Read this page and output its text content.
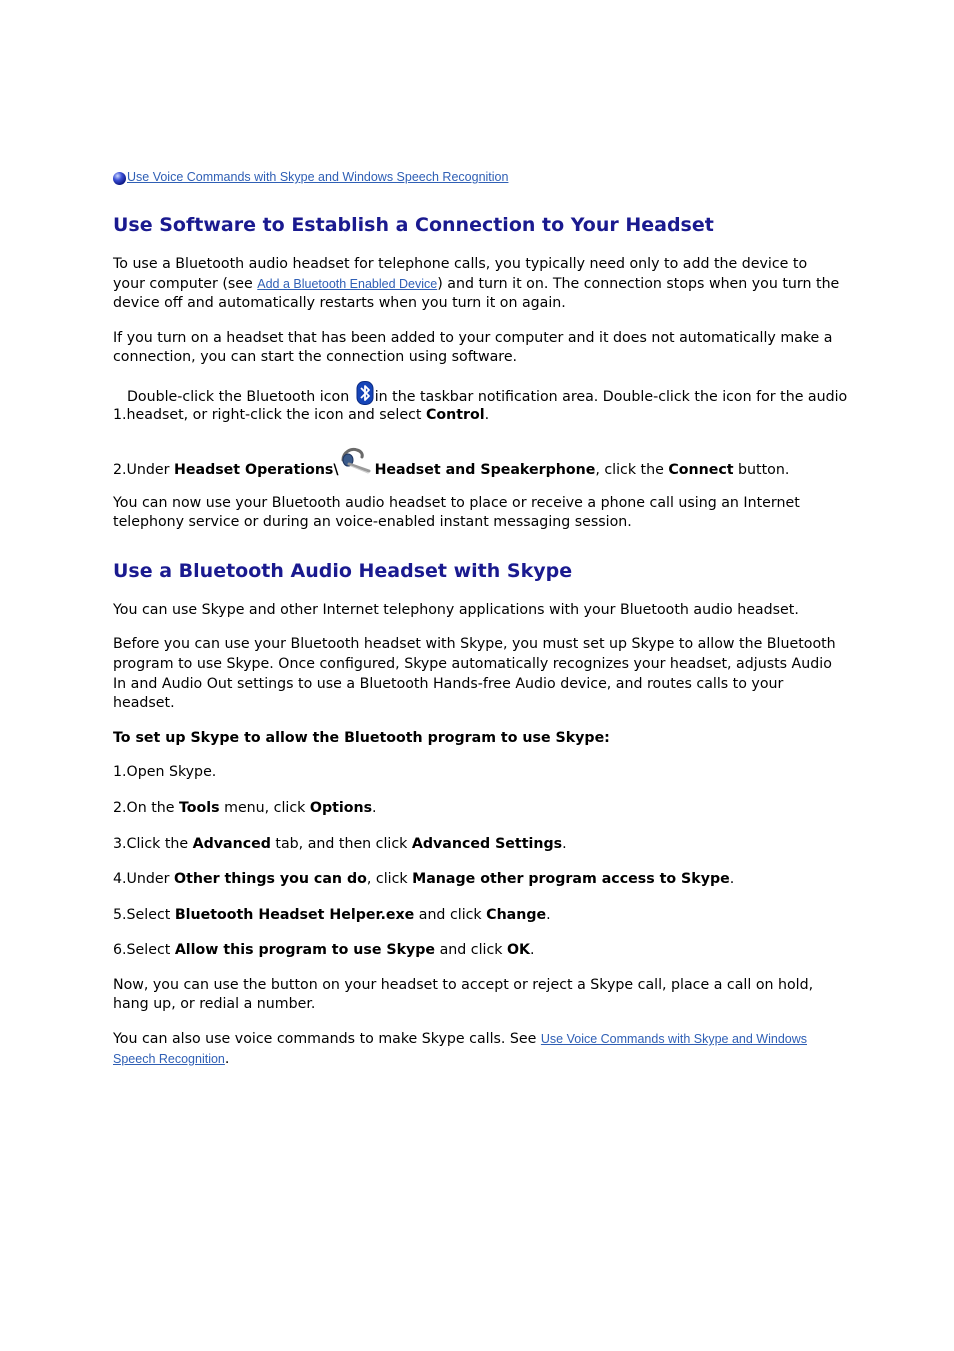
Use Voice Commands with Skype and Windows Speech Recognition
Use Software to Establish a Connection to Your Headset

To use a Bluetooth audio headset for telephone calls, you typically need only to add the device to your computer (see Add a Bluetooth Enabled Device) and turn it on. The connection stops when you turn the device off and automatically restarts when you turn it on again.

If you turn on a headset that has been added to your computer and it does not automatically make a connection, you can start the connection using software.

Double-click the Bluetooth icon in the taskbar notification area. Double-click the icon for the audio
1.headset, or right-click the icon and select Control.
2.Under Headset Operations\	Headset and Speakerphone, click the Connect button.

You can now use your Bluetooth audio headset to place or receive a phone call using an Internet telephony service or during an voice-enabled instant messaging session.

Use a Bluetooth Audio Headset with Skype

You can use Skype and other Internet telephony applications with your Bluetooth audio headset.

Before you can use your Bluetooth headset with Skype, you must set up Skype to allow the Bluetooth program to use Skype. Once configured, Skype automatically recognizes your headset, adjusts Audio In and Audio Out settings to use a Bluetooth Hands-free Audio device, and routes calls to your headset.

To set up Skype to allow the Bluetooth program to use Skype:

1.Open Skype.

2.On the Tools menu, click Options.

3.Click the Advanced tab, and then click Advanced Settings.

4.Under Other things you can do, click Manage other program access to Skype.

5.Select Bluetooth Headset Helper.exe and click Change.

6.Select Allow this program to use Skype and click OK.

Now, you can use the button on your headset to accept or reject a Skype call, place a call on hold, hang up, or redial a number.

You can also use voice commands to make Skype calls. See Use Voice Commands with Skype and Windows Speech Recognition.
